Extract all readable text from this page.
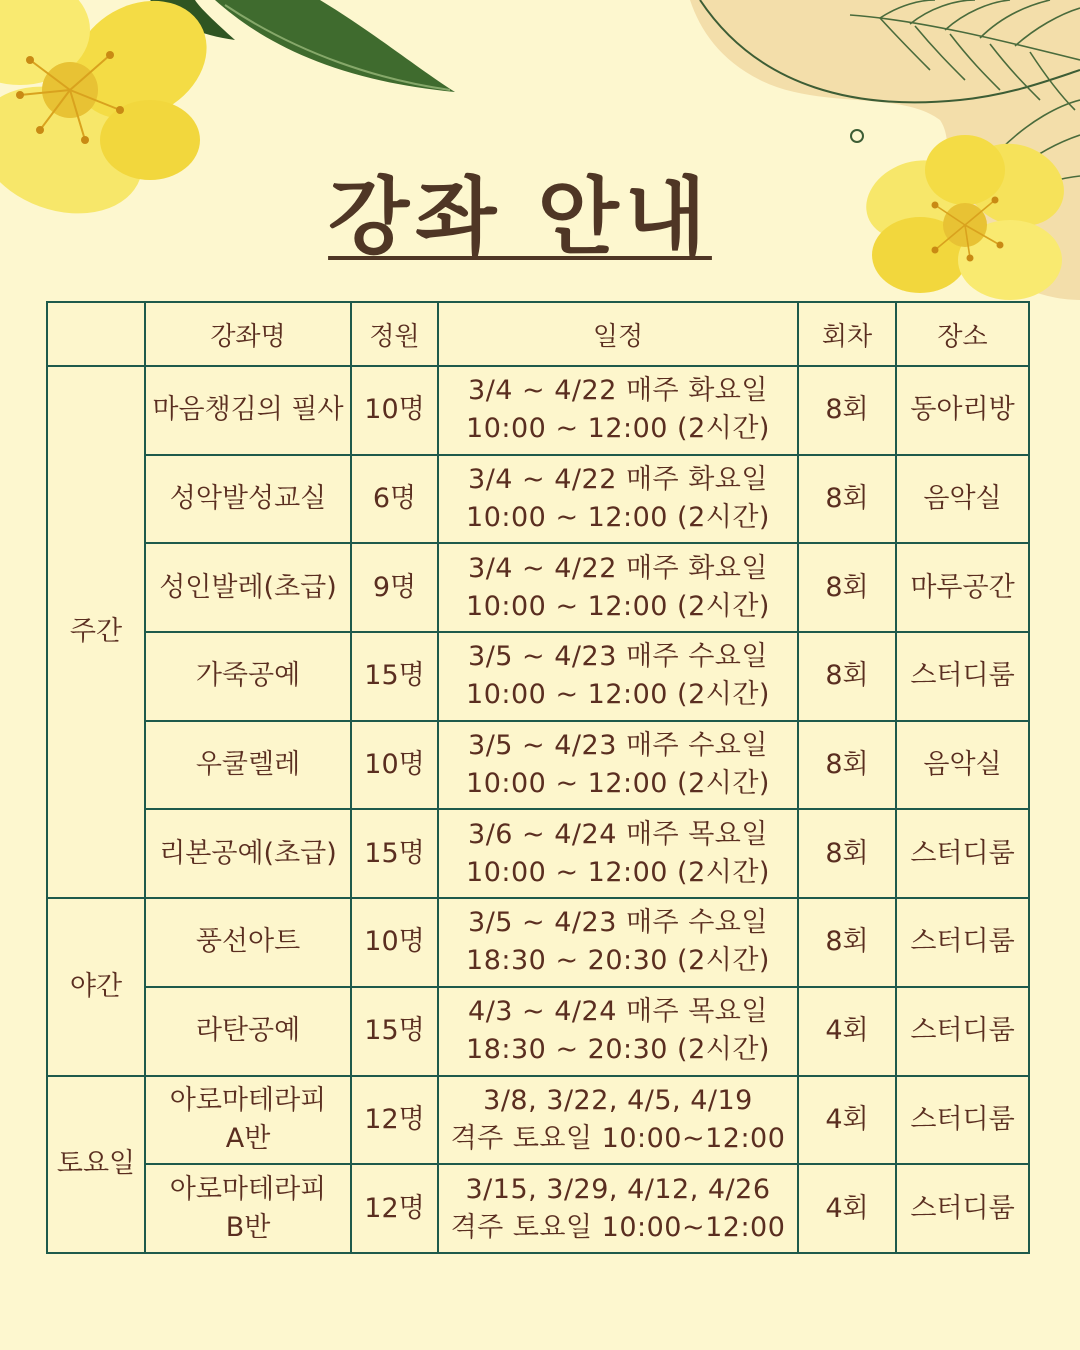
강좌 안내
	강좌명	정원	일정	회차	장소
주간	마음챙김의 필사	10명	3/4 ~ 4/22 매주 화요일
10:00 ~ 12:00 (2시간)	8회	동아리방

	성악발성교실	6명	3/4 ~ 4/22 매주 화요일
10:00 ~ 12:00 (2시간)	8회	음악실

	성인발레(초급)	9명	3/4 ~ 4/22 매주 화요일
10:00 ~ 12:00 (2시간)	8회	마루공간

	가죽공예	15명	3/5 ~ 4/23 매주 수요일
10:00 ~ 12:00 (2시간)	8회	스터디룸

	우쿨렐레	10명	3/5 ~ 4/23 매주 수요일
10:00 ~ 12:00 (2시간)	8회	음악실

	리본공예(초급)	15명	3/6 ~ 4/24 매주 목요일
10:00 ~ 12:00 (2시간)	8회	스터디룸
야간	풍선아트	10명	3/5 ~ 4/23 매주 수요일
18:30 ~ 20:30 (2시간)	8회	스터디룸

	라탄공예	15명	4/3 ~ 4/24 매주 목요일
18:30 ~ 20:30 (2시간)	4회	스터디룸
토요일	아로마테라피
A반	12명	3/8, 3/22, 4/5, 4/19
격주 토요일 10:00~12:00	4회	스터디룸

	아로마테라피
B반	12명	3/15, 3/29, 4/12, 4/26
격주 토요일 10:00~12:00	4회	스터디룸
